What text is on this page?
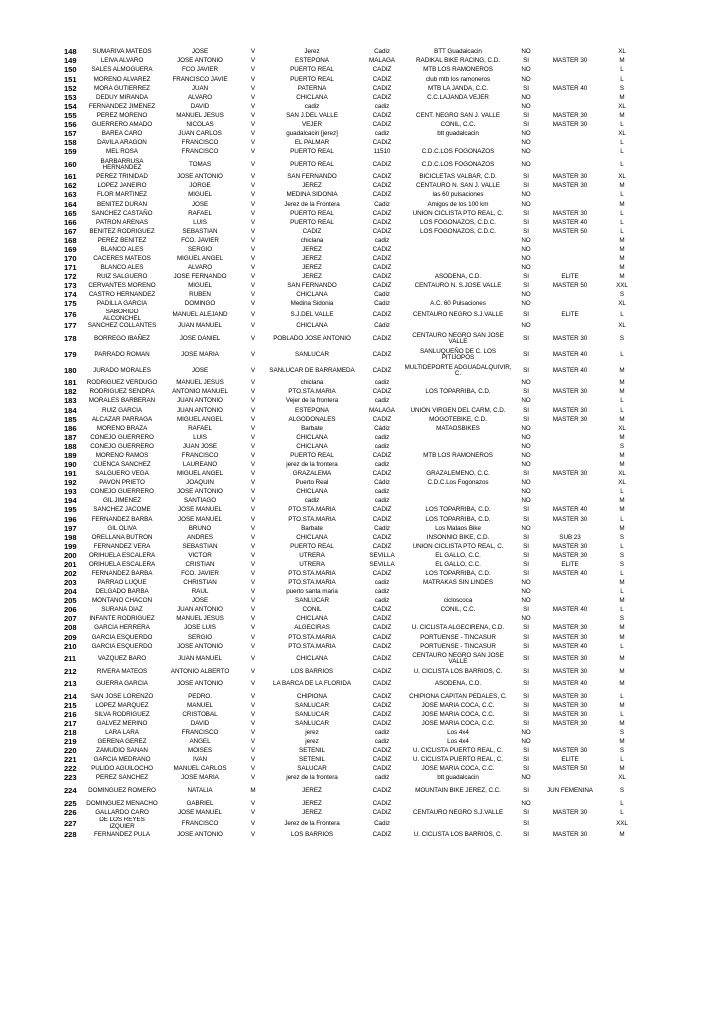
148	SUMARIVA MATEOS	JOSE	V	Jerez	Cadiz	BTT Guadalcacin	NO		XL
149	LEIVA ALVARO	JOSE ANTONIO	V	ESTEPONA	MALAGA	RADIKAL BIKE RACING, C.D.	SI	MASTER 30	M
150	SALES ALMOGUERA	FCO JAVIER	V	PUERTO REAL	CADIZ	MTB LOS RAMONEROS	NO		L
151	MORENO ALVAREZ	FRANCISCO JAVIE	V	PUERTO REAL	CADIZ	club mtb los ramoneros	NO		L
152	MORA GUTIERREZ	JUAN	V	PATERNA	CADIZ	MTB LA JANDA, C.C.	SI	MASTER 40	S
153	DEDUY MIRANDA	ALVARO	V	CHICLANA	CADIZ	C.C.LAJANDA VEJER	NO		M
154	FERNANDEZ JIMENEZ	DAVID	V	cadiz	cadiz		NO		XL
155	PEREZ MORENO	MANUEL JESUS	V	SAN J.DEL VALLE	CADIZ	CENT. NEGRO SAN J. VALLE	SI	MASTER 30	M
156	GUERRERO AMADO	NICOLAS	V	VEJER	CADIZ	CONIL, C.C.	SI	MASTER 30	L
157	BAREA CARO	JUAN CARLOS	V	guadalcacin [jerez]	cadiz	btt guadalcacin	NO		XL
158	DAVILA ARAGON	FRANCISCO	V	EL PALMAR	CADIZ		NO		L
159	MEL ROSA	FRANCISCO	V	PUERTO REAL	11510	C.D.C.LOS FOGONAZOS	NO		L
160	BARBARRUSA HERNANDEZ	TOMAS	V	PUERTO REAL	CADIZ	C.D.C.LOS FOGONAZOS	NO		L
161	PEREZ TRINIDAD	JOSE ANTONIO	V	SAN FERNANDO	CADIZ	BICICLETAS VALBAR, C.D.	SI	MASTER 30	XL
162	LOPEZ JANEIRO	JORGE	V	JEREZ	CADIZ	CENTAURO N. SAN J. VALLE	SI	MASTER 30	M
163	FLOR MARTINEZ	MIGUEL	V	MEDINA SIDONIA	CADIZ	las 60 pulsaciones	NO		L
164	BENITEZ DURAN	JOSE	V	Jerez de la Frontera	Cadiz	Amigos de los 100 km	NO		M
165	SANCHEZ CASTAÑO	RAFAEL	V	PUERTO REAL	CADIZ	UNION CICLISTA PTO REAL, C.	SI	MASTER 30	L
166	PATRON ARENAS	LUIS	V	PUERTO REAL	CADIZ	LOS FOGONAZOS, C.D.C.	SI	MASTER 40	L
167	BENITEZ RODRIGUEZ	SEBASTIAN	V	CADIZ	CADIZ	LOS FOGONAZOS, C.D.C.	SI	MASTER 50	L
168	PEREZ BENITEZ	FCO. JAVIER	V	chiclana	cadiz		NO		M
169	BLANCO ALES	SERGIO	V	JEREZ	CADIZ		NO		M
170	CACERES MATEOS	MIGUEL ANGEL	V	JEREZ	CADIZ		NO		M
171	BLANCO ALES	ALVARO	V	JEREZ	CADIZ		NO		M
172	RUIZ SALGUERO	JOSE FERNANDO	V	JEREZ	CADIZ	ASODENA, C.D.	SI	ELITE	M
173	CERVANTES MORENO	MIGUEL	V	SAN FERNANDO	CADIZ	CENTAURO N. S.JOSE VALLE	SI	MASTER 50	XXL
174	CASTRO HERNANDEZ	RUBEN	V	CHICLANA	Cadiz		NO		S
175	PADILLA GARCIA	DOMINGO	V	Medina Sidonia	Cadiz	A.C. 60 Pulsaciones	NO		XL
176	SABORIDO ALCONCHEL	MANUEL ALEJAND	V	S.J.DEL VALLE	CADIZ	CENTAURO NEGRO S.J.VALLE	SI	ELITE	L
177	SANCHEZ COLLANTES	JUAN MANUEL	V	CHICLANA	Cádiz		NO		XL
178	BORREGO IBAÑEZ	JOSE DANIEL	V	POBLADO JOSE ANTONIO	CADIZ	CENTAURO NEGRO SAN JOSE VALLE	SI	MASTER 30	S
179	PARRADO ROMAN	JOSE MARIA	V	SANLUCAR	CADIZ	SANLUQUEÑO DE C. LOS PITIJOPOS	SI	MASTER 40	L
180	JURADO MORALES	JOSE	V	SANLUCAR DE BARRAMEDA	CADIZ	MULTIDEPORTE ADGUADALQUIVIR, C.	SI	MASTER 40	M
181	RODRIGUEZ VERDUGO	MANUEL JESUS	V	chiclana	cadiz		NO		M
182	RODRIGUEZ SENDRA	ANTONIO MANUEL	V	PTO.STA.MARIA	CADIZ	LOS TOPARRIBA, C.D.	SI	MASTER 30	M
183	MORALES BARBERAN	JUAN ANTONIO	V	Vejer de la frontera	cadiz		NO		L
184	RUIZ GARCIA	JUAN ANTONIO	V	ESTEPONA	MALAGA	UNION VIRGEN DEL CARM, C.D.	SI	MASTER 30	L
185	ALCAZAR PARRAGA	MIGUEL ANGEL	V	ALGODONALES	CADIZ	MOGOTEBIKE, C.D.	SI	MASTER 30	M
186	MORENO BRAZA	RAFAEL	V	Barbate	Cádiz	MATAOSBIKES	NO		XL
187	CONEJO GUERRERO	LUIS	V	CHICLANA	cadiz		NO		M
188	CONEJO GUERRERO	JUAN JOSE	V	CHICLANA	cadiz		NO		S
189	MORENO RAMOS	FRANCISCO	V	PUERTO REAL	CADIZ	MTB LOS RAMONEROS	NO		M
190	CUENCA SANCHEZ	LAUREANO	V	jerez de la frontera	cadiz		NO		M
191	SALGUERO VEGA	MIGUEL ANGEL	V	GRAZALEMA	CADIZ	GRAZALEMEÑO, C.C.	SI	MASTER 30	XL
192	PAVON PRIETO	JOAQUIN	V	Puerto Real	Cádiz	C.D.C.Los Fogonazos	NO		XL
193	CONEJO GUERRERO	JOSE ANTONIO	V	CHICLANA	cadiz		NO		L
194	GIL JIMENEZ	SANTIAGO	V	cadiz	cadiz		NO		M
195	SANCHEZ JACOME	JOSE MANUEL	V	PTO.STA.MARIA	CADIZ	LOS TOPARRIBA, C.D.	SI	MASTER 40	M
196	FERNANDEZ BARBA	JOSE MANUEL	V	PTO.STA.MARIA	CADIZ	LOS TOPARRIBA, C.D.	SI	MASTER 30	L
197	GIL OLIVA	BRUNO	V	Barbate	Cadiz	Los Mataos Bike	NO		M
198	ORELLANA BUTRON	ANDRES	V	CHICLANA	CADIZ	INSONNIO BIKE, C.D.	SI	SUB 23	S
199	FERNANDEZ VERA	SEBASTIAN	V	PUERTO REAL	CADIZ	UNION CICLISTA PTO REAL, C.	SI	MASTER 30	L
200	ORIHUELA ESCALERA	VICTOR	V	UTRERA	SEVILLA	EL GALLO, C.C.	SI	MASTER 30	S
201	ORIHUELA ESCALERA	CRISTIAN	V	UTRERA	SEVILLA	EL GALLO, C.C.	SI	ELITE	S
202	FERNANDEZ BARBA	FCO. JAVIER	V	PTO.STA.MARIA	CADIZ	LOS TOPARRIBA, C.D.	SI	MASTER 40	L
203	PARRAO LUQUE	CHRISTIAN	V	PTO.STA.MARIA	cadiz	MATRAKAS SIN LINDES	NO		M
204	DELGADO BARBA	RAUL	V	puerto santa maria	cadiz		NO		L
205	MONTAÑO CHACON	JOSE	V	SANLUCAR	cadiz	cicloscoca	NO		M
206	SURAÑA DIAZ	JUAN ANTONIO	V	CONIL	CADIZ	CONIL, C.C.	SI	MASTER 40	L
207	INFANTE RODRIGUEZ	MANUEL JESUS	V	CHICLANA	CADIZ		NO		S
208	GARCIA HERRERA	JOSE LUIS	V	ALGECIRAS	CADIZ	U. CICLISTA ALGECIREÑA, C.D.	SI	MASTER 30	M
209	GARCIA ESQUERDO	SERGIO	V	PTO.STA.MARIA	CADIZ	PORTUENSE - TINCASUR	SI	MASTER 30	M
210	GARCIA ESQUERDO	JOSE ANTONIO	V	PTO.STA.MARIA	CADIZ	PORTUENSE - TINCASUR	SI	MASTER 40	L
211	VAZQUEZ BARO	JUAN MANUEL	V	CHICLANA	CADIZ	CENTAURO NEGRO SAN JOSE VALLE	SI	MASTER 30	M
212	RIVERA MATEOS	ANTONIO ALBERTO	V	LOS BARRIOS	CADIZ	U. CICLISTA LOS BARRIOS, C.	SI	MASTER 30	M
213	GUERRA GARCIA	JOSE ANTONIO	V	LA BARCA DE LA FLORIDA	CADIZ	ASODENA, C.D.	SI	MASTER 40	M
214	SAN JOSE LORENZO	PEDRO.	V	CHIPIONA	CADIZ	CHIPIONA CAPITAN PEDALES, C.	SI	MASTER 30	L
215	LOPEZ MARQUEZ	MANUEL	V	SANLUCAR	CADIZ	JOSE MARIA COCA, C.C.	SI	MASTER 30	M
216	SILVA RODRIGUEZ	CRISTOBAL	V	SANLUCAR	CADIZ	JOSE MARIA COCA, C.C.	SI	MASTER 30	L
217	GALVEZ MERINO	DAVID	V	SANLUCAR	CADIZ	JOSE MARIA COCA, C.C.	SI	MASTER 30	M
218	LARA LARA	FRANCISCO	V	jerez	cadiz	Los 4x4	NO		S
219	GERENA GEREZ	ANGEL	V	jerez	cadiz	Los 4x4	NO		M
220	ZAMUDIO SANAN	MOISES	V	SETENIL	CADIZ	U. CICLISTA PUERTO REAL, C.	SI	MASTER 30	S
221	GARCIA MEDRANO	IVAN	V	SETENIL	CADIZ	U. CICLISTA PUERTO REAL, C.	SI	ELITE	L
222	PULIDO AGUILOCHO	MANUEL CARLOS	V	SALUCAR	CADIZ	JOSE MARIA COCA, C.C.	SI	MASTER 50	M
223	PEREZ SANCHEZ	JOSE MARIA	V	jerez de la frontera	cadiz	btt guadalcacin	NO		XL
224	DOMINGUEZ ROMERO	NATALIA	M	JEREZ	CADIZ	MOUNTAIN BIKE JEREZ, C.C.	SI	JUN FEMENINA	S
225	DOMINGUEZ MENACHO	GABRIEL	V	JEREZ	CADIZ		NO		L
226	GALLARDO CARO	JOSE MANUEL	V	JEREZ	CADIZ	CENTAURO NEGRO S.J.VALLE	SI	MASTER 30	L
227	DE LOS REYES IZQUIER	FRANCISCO	V	Jerez de la Frontera	Cadiz		SI		XXL
228	FERNANDEZ PULA	JOSE ANTONIO	V	LOS BARRIOS	CADIZ	U. CICLISTA LOS BARRIOS, C.	SI	MASTER 30	M
